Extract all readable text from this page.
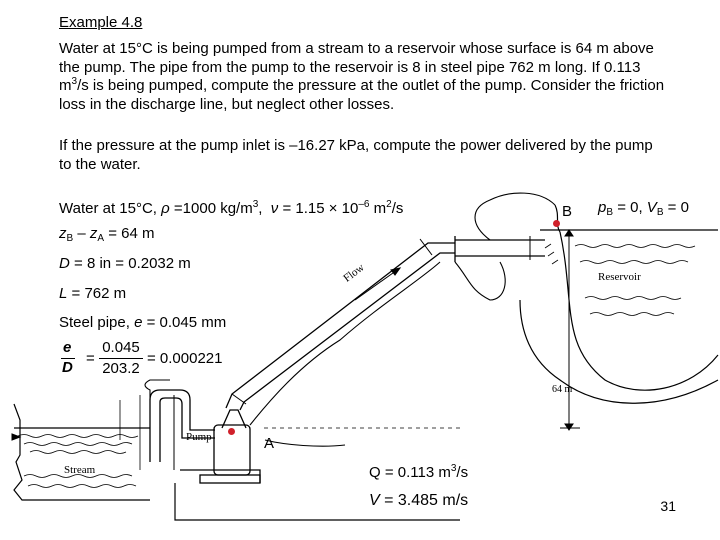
Example 4.8
Water at 15°C is being pumped from a stream to a reservoir whose surface is 64 m above the pump. The pipe from the pump to the reservoir is 8 in steel pipe 762 m long. If 0.113 $m^3/s$ is being pumped, compute the pressure at the outlet of the pump. Consider the friction loss in the discharge line, but neglect other losses.
If the pressure at the pump inlet is –16.27 kPa, compute the power delivered by the pump to the water.
Water at 15°C, ρ =1000 $kg/m^3$,  $\nu = 1.15 \times 10^{-6}$ $m^2/s$
$z_B - z_A = 64$ m
D = 8 in = 0.2032 m
L = 762 m
Steel pipe, e = 0.045 mm
e
D
=
0.045
203.2
= 0.000221
B $p_B = 0$, $V_B = 0$
Flow	Reservoir
64 m
Pump	A
Stream	Q = 0.113 $m^3/s$
V = 3.485 m/s	31
